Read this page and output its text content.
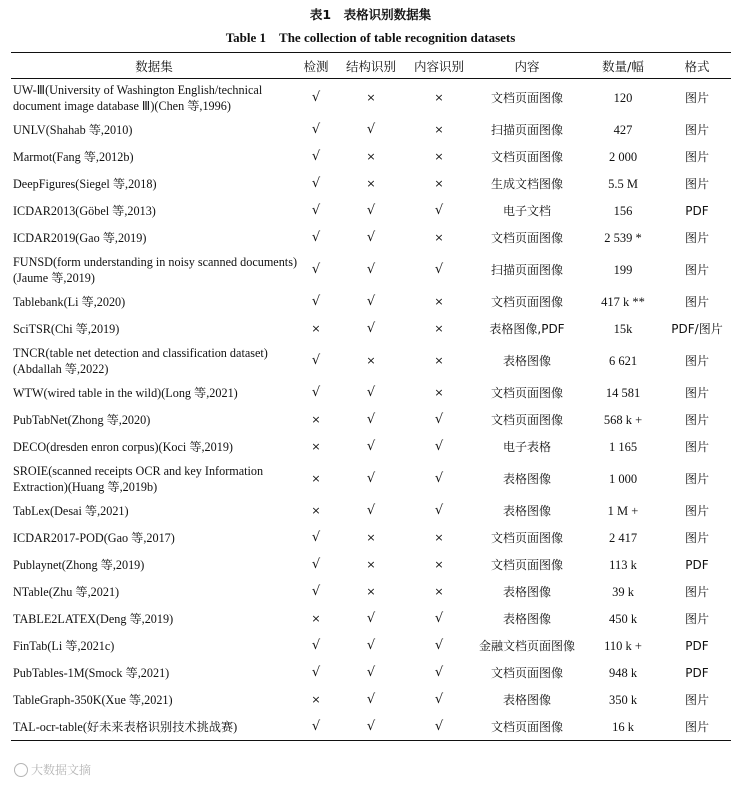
表1　表格识别数据集
Table 1　The collection of table recognition datasets
数据集	检测	结构识别	内容识别	内容	数量/幅	格式
UW-Ⅲ(University of Washington English/technical document image database Ⅲ)(Chen 等,1996)	√	×	×	文档页面图像	120	图片
UNLV(Shahab 等,2010)	√	√	×	扫描页面图像	427	图片
Marmot(Fang 等,2012b)	√	×	×	文档页面图像	2 000	图片
DeepFigures(Siegel 等,2018)	√	×	×	生成文档图像	5.5 M	图片
ICDAR2013(Göbel 等,2013)	√	√	√	电子文档	156	PDF
ICDAR2019(Gao 等,2019)	√	√	×	文档页面图像	2 539 *	图片
FUNSD(form understanding in noisy scanned documents)(Jaume 等,2019)	√	√	√	扫描页面图像	199	图片
Tablebank(Li 等,2020)	√	√	×	文档页面图像	417 k **	图片
SciTSR(Chi 等,2019)	×	√	×	表格图像,PDF	15k	PDF/图片
TNCR(table net detection and classification dataset)(Abdallah 等,2022)	√	×	×	表格图像	6 621	图片
WTW(wired table in the wild)(Long 等,2021)	√	√	×	文档页面图像	14 581	图片
PubTabNet(Zhong 等,2020)	×	√	√	文档页面图像	568 k +	图片
DECO(dresden enron corpus)(Koci 等,2019)	×	√	√	电子表格	1 165	图片
SROIE(scanned receipts OCR and key Information Extraction)(Huang 等,2019b)	×	√	√	表格图像	1 000	图片
TabLex(Desai 等,2021)	×	√	√	表格图像	1 M +	图片
ICDAR2017-POD(Gao 等,2017)	√	×	×	文档页面图像	2 417	图片
Publaynet(Zhong 等,2019)	√	×	×	文档页面图像	113 k	PDF
NTable(Zhu 等,2021)	√	×	×	表格图像	39 k	图片
TABLE2LATEX(Deng 等,2019)	×	√	√	表格图像	450 k	图片
FinTab(Li 等,2021c)	√	√	√	金融文档页面图像	110 k +	PDF
PubTables-1M(Smock 等,2021)	√	√	√	文档页面图像	948 k	PDF
TableGraph-350K(Xue 等,2021)	×	√	√	表格图像	350 k	图片
TAL-ocr-table(好未来表格识别技术挑战赛)	√	√	√	文档页面图像	16 k	图片
大数据文摘
